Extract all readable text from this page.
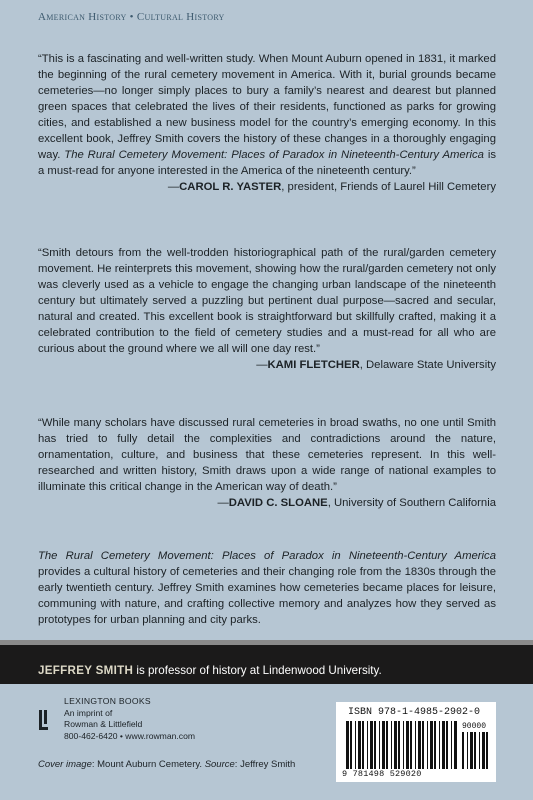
American History • Cultural History
“This is a fascinating and well-written study. When Mount Auburn opened in 1831, it marked the beginning of the rural cemetery movement in America. With it, burial grounds became cemeteries—no longer simply places to bury a family’s nearest and dearest but planned green spaces that celebrated the lives of their residents, functioned as parks for growing cities, and established a new business model for the country’s emerging economy. In this excellent book, Jeffrey Smith covers the history of these changes in a thoroughly engaging way. The Rural Cemetery Movement: Places of Paradox in Nineteenth-Century America is a must-read for anyone interested in the America of the nineteenth century.”
—CAROL R. YASTER, president, Friends of Laurel Hill Cemetery
“Smith detours from the well-trodden historiographical path of the rural/garden cemetery movement. He reinterprets this movement, showing how the rural/garden cemetery not only was cleverly used as a vehicle to engage the changing urban landscape of the nineteenth century but ultimately served a puzzling but pertinent dual purpose—sacred and secular, natural and created. This excellent book is straightforward but skillfully crafted, making it a celebrated contribution to the field of cemetery studies and a must-read for all who are curious about the ground where we all will one day rest.”
—KAMI FLETCHER, Delaware State University
“While many scholars have discussed rural cemeteries in broad swaths, no one until Smith has tried to fully detail the complexities and contradictions around the nature, ornamentation, culture, and business that these cemeteries represent. In this well-researched and written history, Smith draws upon a wide range of national examples to illuminate this critical change in the American way of death.”
—DAVID C. SLOANE, University of Southern California
The Rural Cemetery Movement: Places of Paradox in Nineteenth-Century America provides a cultural history of cemeteries and their changing role from the 1830s through the early twentieth century. Jeffrey Smith examines how cemeteries became places for leisure, communing with nature, and crafting collective memory and analyzes how they served as prototypes for urban planning and city parks.
JEFFREY SMITH is professor of history at Lindenwood University.
LEXINGTON BOOKS
An imprint of
Rowman & Littlefield
800-462-6420 • www.rowman.com
Cover image: Mount Auburn Cemetery. Source: Jeffrey Smith
ISBN 978-1-4985-2902-0
90000
9 781498 529020
